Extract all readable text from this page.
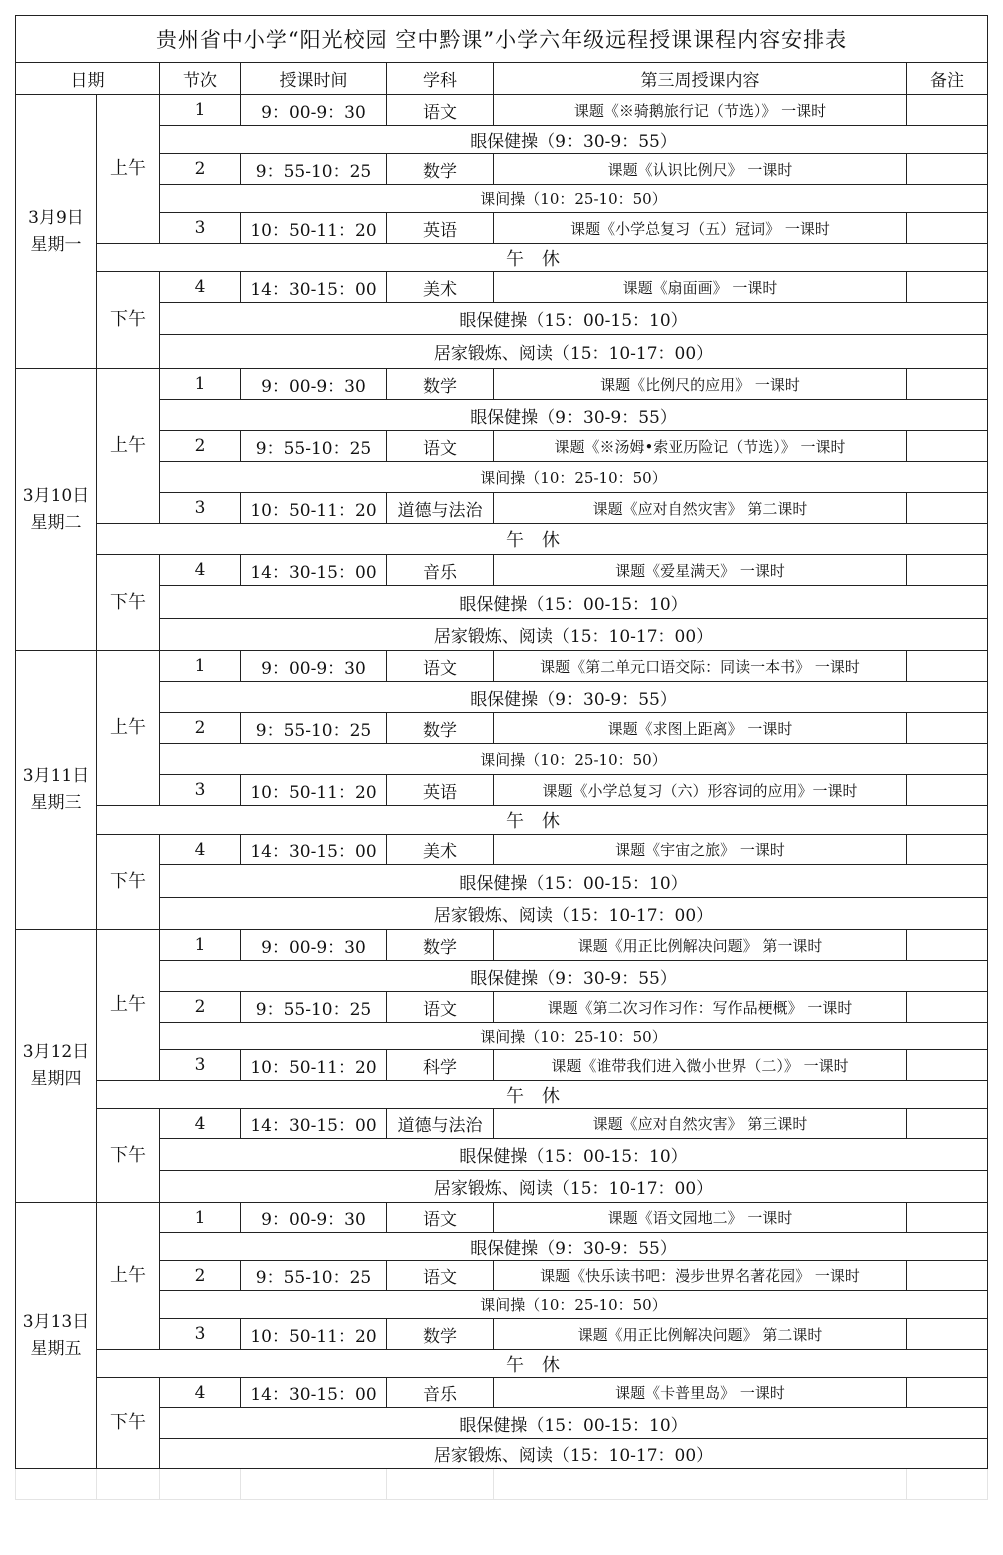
贵州省中小学“阳光校园 空中黔课”小学六年级远程授课课程内容安排表						
日期		节次	授课时间	学科	第三周授课内容	备注
3月9日
星期一	上午	1	9：00-9：30	语文	课题《※骑鹅旅行记（节选）》 一课时	
		眼保健操（9：30-9：55）				
		2	9：55-10：25	数学	课题《认识比例尺》 一课时	
		课间操（10：25-10：50）				
		3	10：50-11：20	英语	课题《小学总复习（五）冠词》 一课时	
	午休					
	下午	4	14：30-15：00	美术	课题《扇面画》 一课时	
		眼保健操（15：00-15：10）				
		居家锻炼、阅读（15：10-17：00）				
3月10日
星期二	上午	1	9：00-9：30	数学	课题《比例尺的应用》 一课时	
		眼保健操（9：30-9：55）				
		2	9：55-10：25	语文	课题《※汤姆•索亚历险记（节选）》 一课时	
		课间操（10：25-10：50）				
		3	10：50-11：20	道德与法治	课题《应对自然灾害》 第二课时	
	午休					
	下午	4	14：30-15：00	音乐	课题《爱星满天》 一课时	
		眼保健操（15：00-15：10）				
		居家锻炼、阅读（15：10-17：00）				
3月11日
星期三	上午	1	9：00-9：30	语文	课题《第二单元口语交际：同读一本书》 一课时	
		眼保健操（9：30-9：55）				
		2	9：55-10：25	数学	课题《求图上距离》 一课时	
		课间操（10：25-10：50）				
		3	10：50-11：20	英语	课题《小学总复习（六）形容词的应用》一课时	
	午休					
	下午	4	14：30-15：00	美术	课题《宇宙之旅》 一课时	
		眼保健操（15：00-15：10）				
		居家锻炼、阅读（15：10-17：00）				
3月12日
星期四	上午	1	9：00-9：30	数学	课题《用正比例解决问题》 第一课时	
		眼保健操（9：30-9：55）				
		2	9：55-10：25	语文	课题《第二次习作习作：写作品梗概》 一课时	
		课间操（10：25-10：50）				
		3	10：50-11：20	科学	课题《谁带我们进入微小世界（二）》 一课时	
	午休					
	下午	4	14：30-15：00	道德与法治	课题《应对自然灾害》 第三课时	
		眼保健操（15：00-15：10）				
		居家锻炼、阅读（15：10-17：00）				
3月13日
星期五	上午	1	9：00-9：30	语文	课题《语文园地二》 一课时	
		眼保健操（9：30-9：55）				
		2	9：55-10：25	语文	课题《快乐读书吧：漫步世界名著花园》 一课时	
		课间操（10：25-10：50）				
		3	10：50-11：20	数学	课题《用正比例解决问题》 第二课时	
	午休					
	下午	4	14：30-15：00	音乐	课题《卡普里岛》 一课时	
		眼保健操（15：00-15：10）				
		居家锻炼、阅读（15：10-17：00）				
